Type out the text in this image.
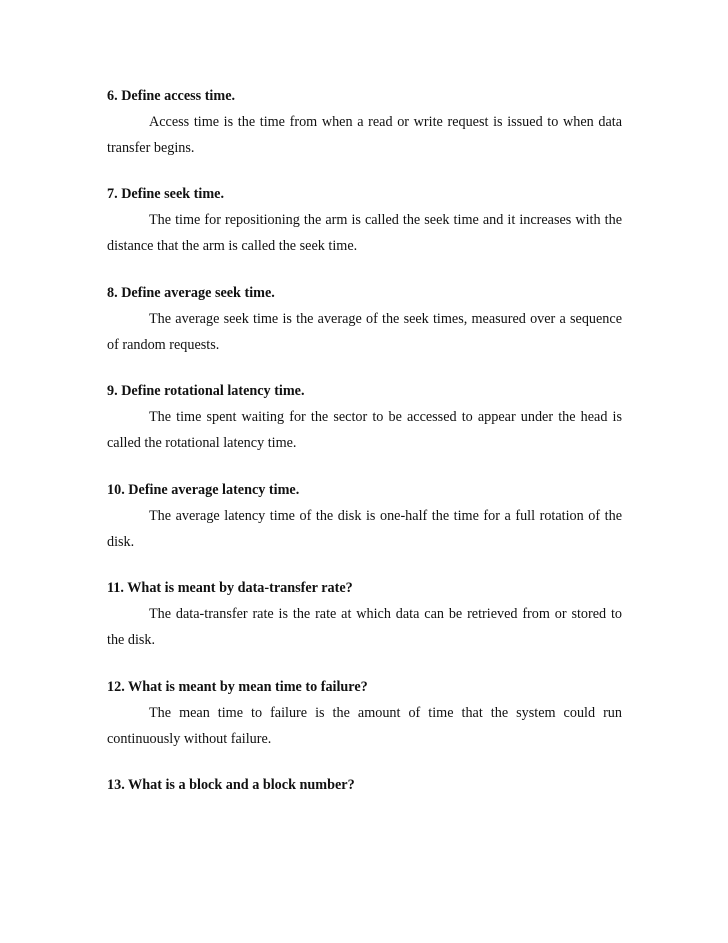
6. Define access time.

Access time is the time from when a read or write request is issued to when data transfer begins.

7. Define seek time.

The time for repositioning the arm is called the seek time and it increases with the distance that the arm is called the seek time.

8. Define average seek time.

The average seek time is the average of the seek times, measured over a sequence of random requests.

9. Define rotational latency time.

The time spent waiting for the sector to be accessed to appear under the head is called the rotational latency time.

10. Define average latency time.

The average latency time of the disk is one-half the time for a full rotation of the disk.

11. What is meant by data-transfer rate?

The data-transfer rate is the rate at which data can be retrieved from or stored to the disk.

12. What is meant by mean time to failure?

The mean time to failure is the amount of time that the system could run continuously without failure.

13. What is a block and a block number?
